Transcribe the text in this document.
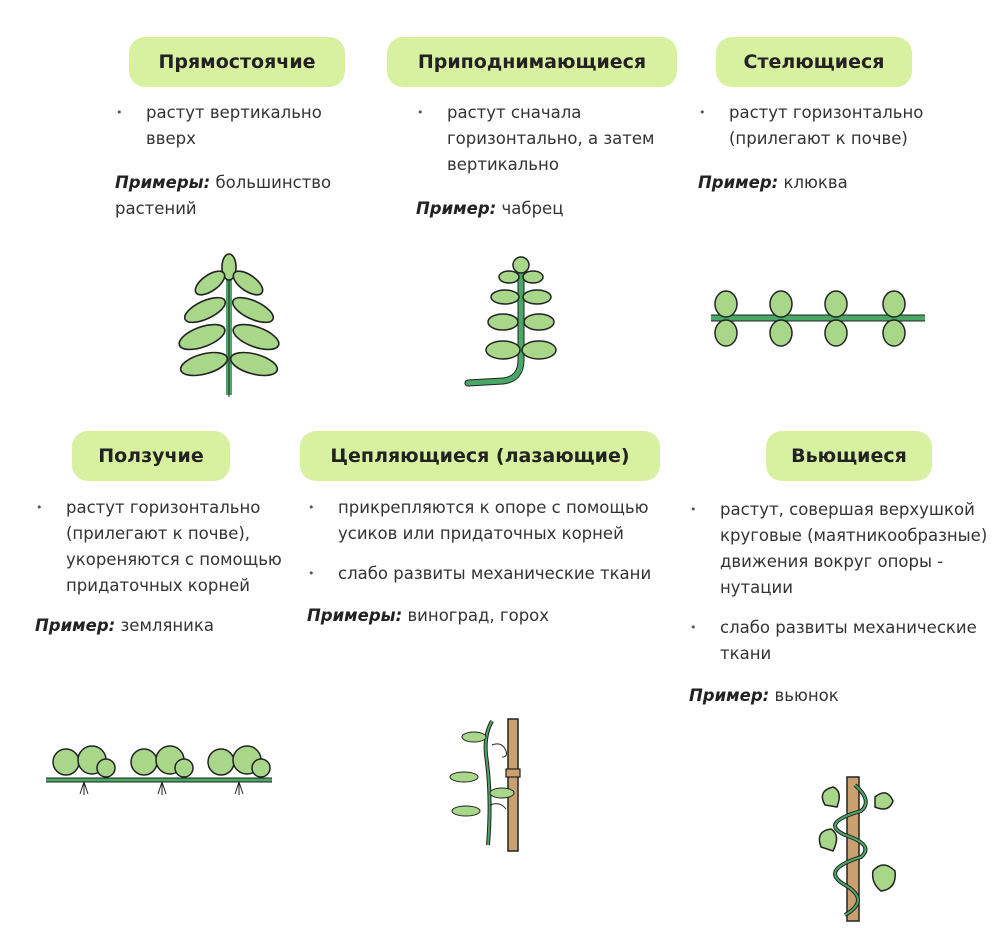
Прямостоячие
• растут вертикально вверх
Примеры: большинство растений
Приподнимающиеся
• растут сначала горизонтально, а затем вертикально
Пример: чабрец
Стелющиеся
• растут горизонтально (прилегают к почве)
Пример: клюква
Ползучие
• растут горизонтально (прилегают к почве), укореняются с помощью придаточных корней
Пример: земляника
Цепляющиеся (лазающие)
• прикрепляются к опоре с помощью усиков или придаточных корней
• слабо развиты механические ткани
Примеры: виноград, горох
Вьющиеся
• растут, совершая верхушкой круговые (маятникообразные) движения вокруг опоры - нутации
• слабо развиты механические ткани
Пример: вьюнок
